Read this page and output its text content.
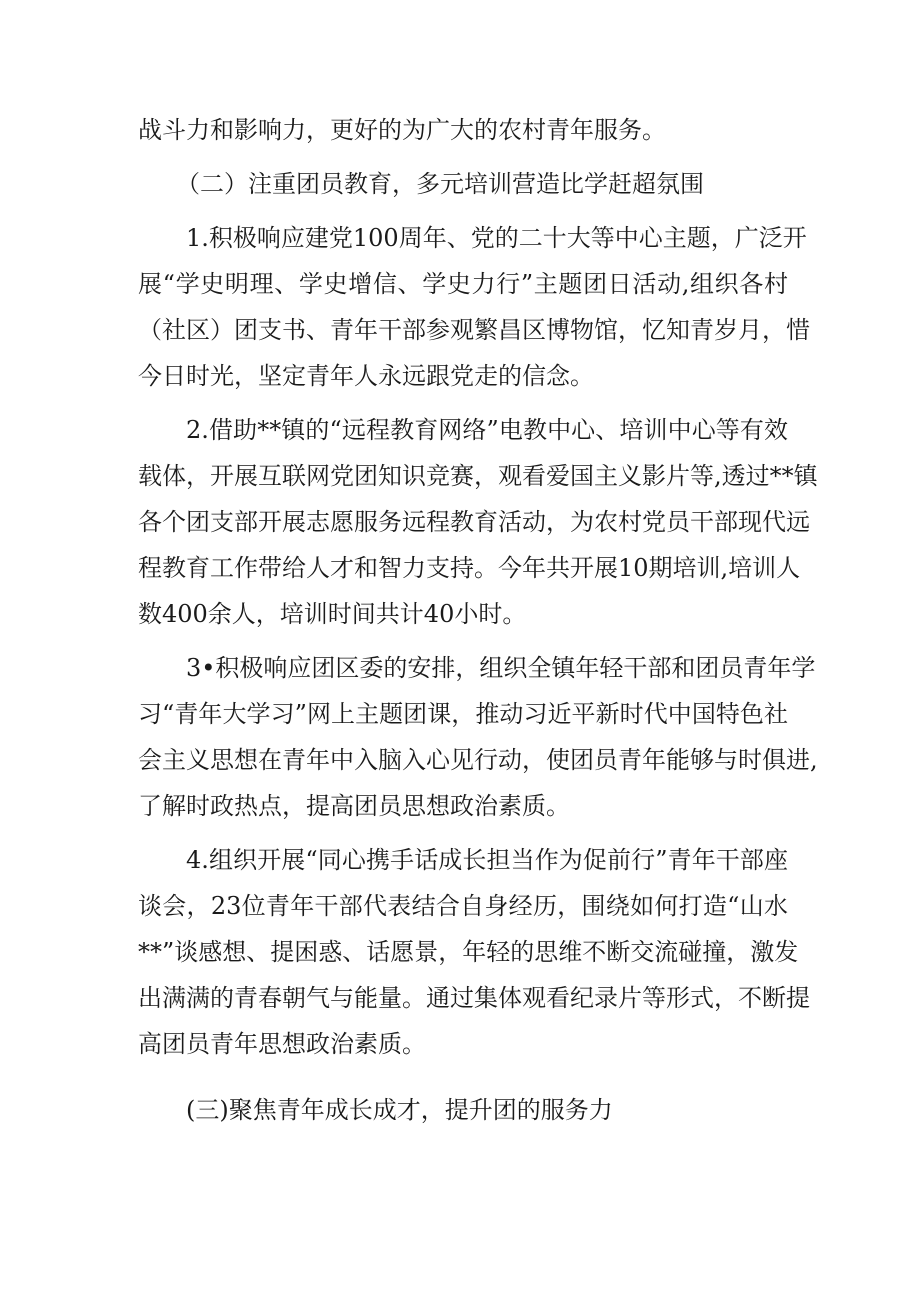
战斗力和影响力，更好的为广大的农村青年服务。
（二）注重团员教育，多元培训营造比学赶超氛围
1.积极响应建党100周年、党的二十大等中心主题，广泛开
展“学史明理、学史增信、学史力行”主题团日活动,组织各村
（社区）团支书、青年干部参观繁昌区博物馆，忆知青岁月，惜
今日时光，坚定青年人永远跟党走的信念。
2.借助**镇的“远程教育网络”电教中心、培训中心等有效
载体，开展互联网党团知识竞赛，观看爱国主义影片等,透过**镇
各个团支部开展志愿服务远程教育活动，为农村党员干部现代远
程教育工作带给人才和智力支持。今年共开展10期培训,培训人
数400余人，培训时间共计40小时。
3•积极响应团区委的安排，组织全镇年轻干部和团员青年学
习“青年大学习”网上主题团课，推动习近平新时代中国特色社
会主义思想在青年中入脑入心见行动，使团员青年能够与时俱进,
了解时政热点，提高团员思想政治素质。
4.组织开展“同心携手话成长担当作为促前行”青年干部座
谈会，23位青年干部代表结合自身经历，围绕如何打造“山水
**”谈感想、提困惑、话愿景，年轻的思维不断交流碰撞，激发
出满满的青春朝气与能量。通过集体观看纪录片等形式，不断提
高团员青年思想政治素质。
(三)聚焦青年成长成才，提升团的服务力
